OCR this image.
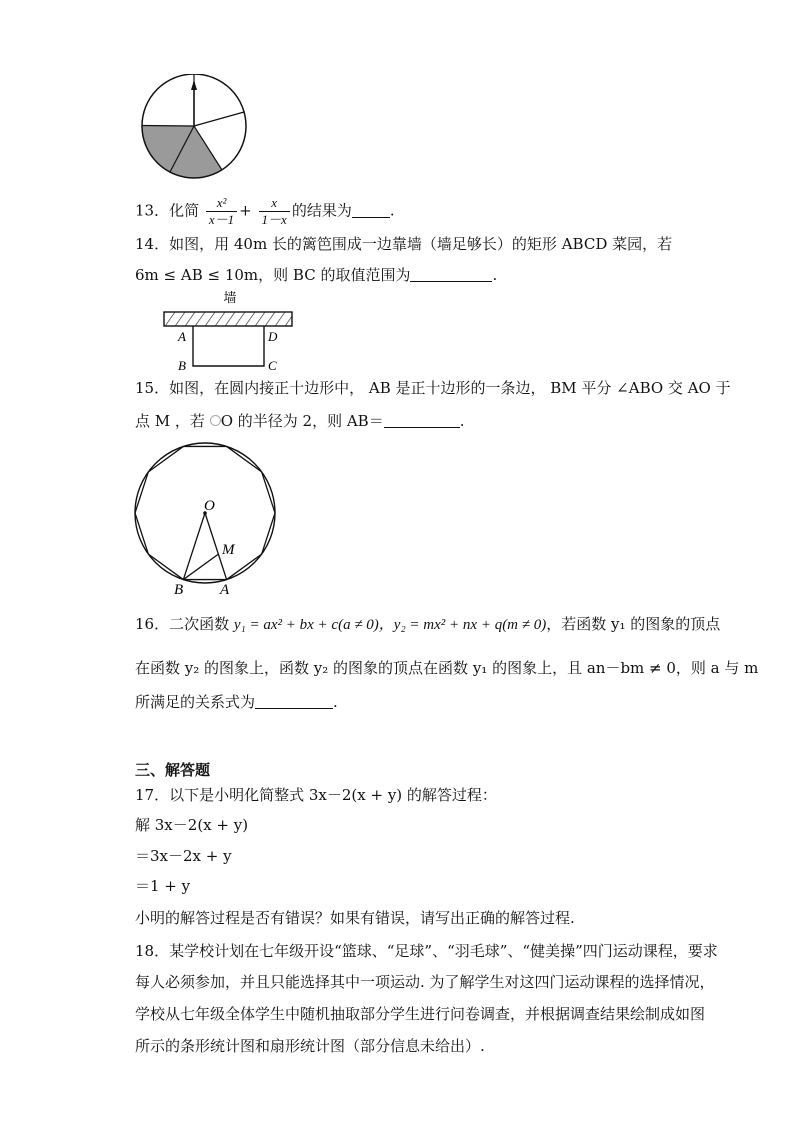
13．化简 $\frac{\text{x²}}{x-1} + \frac{x}{1-x}$ 的结果为	.
14．如图，用 40m 长的篱笆围成一边靠墙（墙足够长）的矩形 ABCD 菜园，若
6m ≤ AB ≤ 10m，则 BC 的取值范围为	.
墙
A	D
B	C
15．如图，在圆内接正十边形中， AB 是正十边形的一条边， BM 平分 ∠ABO 交 AO 于
点 M ，若 O 的半径为 2，则 AB＝	.
O
M
B A
16．二次函数 y₁ = ax² + bx + c(a ≠ 0)，y₂ = mx² + nx + q(m ≠ 0)，若函数 y₁ 的图象的顶点
在函数 y₂ 的图象上，函数 y₂ 的图象的顶点在函数 y₁ 的图象上，且 an－bm ≠ 0，则 a 与 m
所满足的关系式为	.
三、解答题
17．以下是小明化简整式 3x－2(x + y) 的解答过程：
解 3x－2(x + y)
＝3x－2x + y
＝1 + y
小明的解答过程是否有错误？如果有错误，请写出正确的解答过程.
18．某学校计划在七年级开设“篮球、“足球”、“羽毛球”、“健美操”四门运动课程，要求
每人必须参加，并且只能选择其中一项运动. 为了解学生对这四门运动课程的选择情况，
学校从七年级全体学生中随机抽取部分学生进行问卷调查，并根据调查结果绘制成如图
所示的条形统计图和扇形统计图（部分信息未给出）.
